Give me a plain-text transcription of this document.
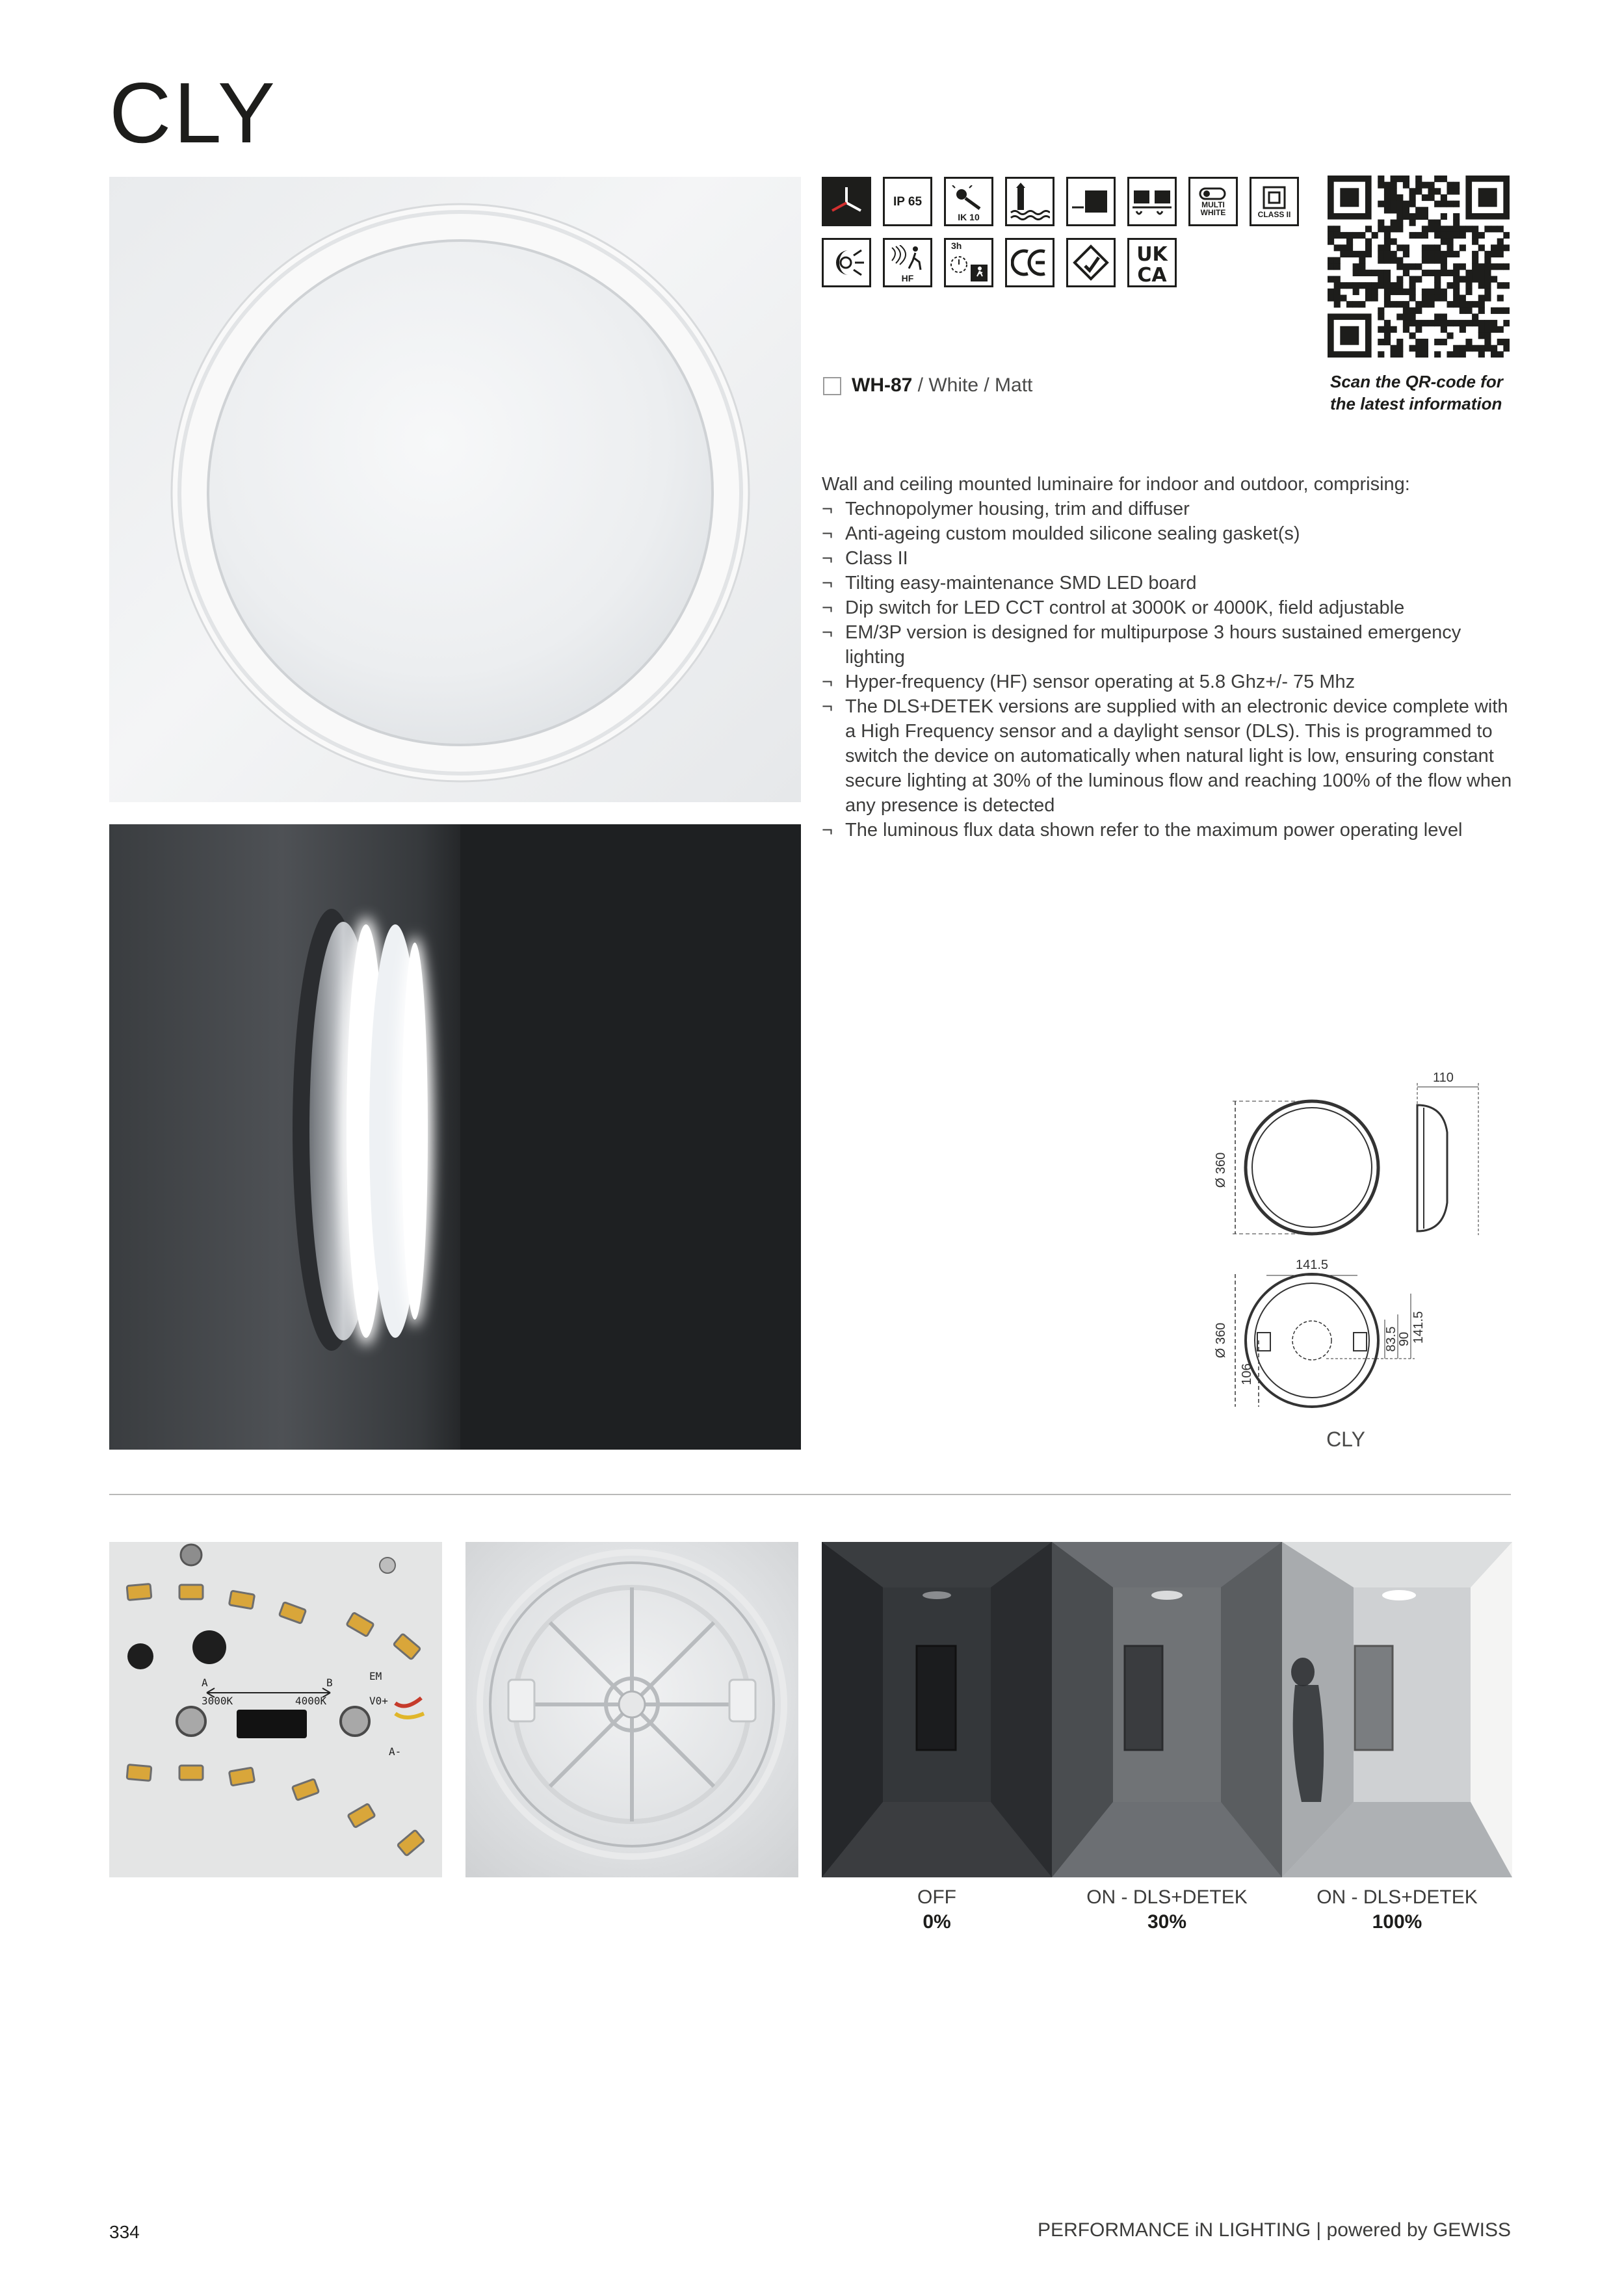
CLY
IP 65
IK 10
MULTI WHITE	CLASS II
HF
3h	UK
CA
Scan the QR-code for the latest information
WH-87 / White / Matt

Wall and ceiling mounted luminaire for indoor and outdoor, comprising:

¬ Technopolymer housing, trim and diffuser
¬ Anti-ageing custom moulded silicone sealing gasket(s)
¬ Class II
¬ Tilting easy-maintenance SMD LED board
¬ Dip switch for LED CCT control at 3000K or 4000K, field adjustable
¬ EM/3P version is designed for multipurpose 3 hours sustained emergency lighting
¬ Hyper-frequency (HF) sensor operating at 5.8 Ghz+/- 75 Mhz
¬ The DLS+DETEK versions are supplied with an electronic device complete with a High Frequency sensor and a daylight sensor (DLS). This is programmed to switch the device on automatically when natural light is low, ensuring constant secure lighting at 30% of the luminous flow and reaching 100% of the flow when any presence is detected
¬ The luminous flux data shown refer to the maximum power operating level
110
Ø 360
141.5
Ø 360
106
83.5
90 141.5
CLY
A	B
3000K	4000K
EM
V0+
A-
OFF
0%
ON - DLS+DETEK
30%
ON - DLS+DETEK
100%
334	PERFORMANCE iN LIGHTING | powered by GEWISS
